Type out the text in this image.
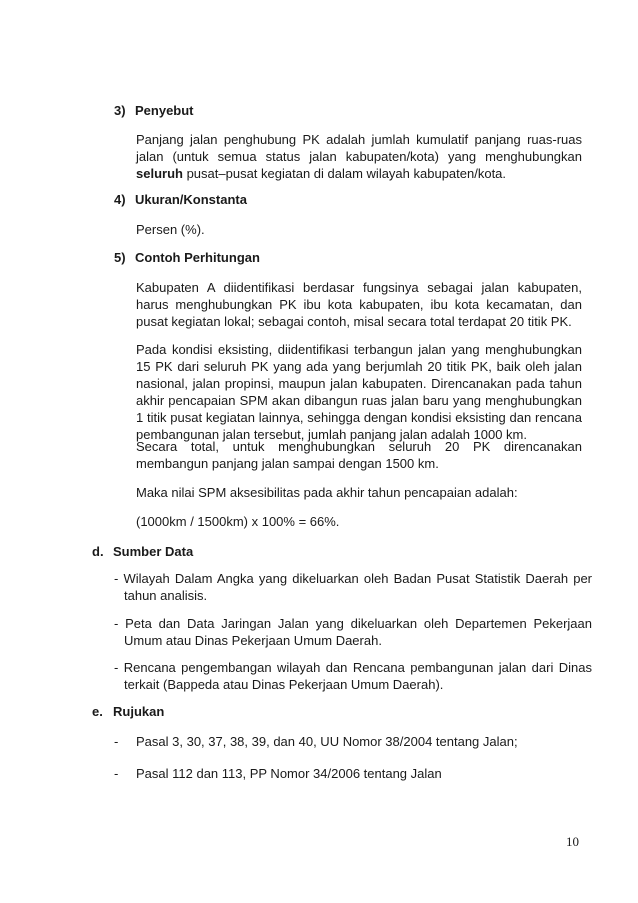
3) Penyebut
Panjang jalan penghubung PK adalah jumlah kumulatif panjang ruas-ruas jalan (untuk semua status jalan kabupaten/kota) yang menghubungkan seluruh pusat–pusat kegiatan di dalam wilayah kabupaten/kota.
4) Ukuran/Konstanta
Persen (%).
5) Contoh Perhitungan
Kabupaten A diidentifikasi berdasar fungsinya sebagai jalan kabupaten, harus menghubungkan PK ibu kota kabupaten, ibu kota kecamatan, dan pusat kegiatan lokal; sebagai contoh, misal secara total terdapat 20 titik PK.
Pada kondisi eksisting, diidentifikasi terbangun jalan yang menghubungkan 15 PK dari seluruh PK yang ada yang berjumlah 20 titik PK, baik oleh jalan nasional, jalan propinsi, maupun jalan kabupaten. Direncanakan pada tahun akhir pencapaian SPM akan dibangun ruas jalan baru yang menghubungkan 1 titik pusat kegiatan lainnya, sehingga dengan kondisi eksisting dan rencana pembangunan jalan tersebut, jumlah panjang jalan adalah 1000 km.
Secara total, untuk menghubungkan seluruh 20 PK direncanakan membangun panjang jalan sampai dengan 1500 km.
Maka nilai SPM aksesibilitas pada akhir tahun pencapaian adalah:
(1000km / 1500km) x 100% = 66%.
d. Sumber Data
- Wilayah Dalam Angka yang dikeluarkan oleh Badan Pusat Statistik Daerah per tahun analisis.
- Peta dan Data Jaringan Jalan yang dikeluarkan oleh Departemen Pekerjaan Umum atau Dinas Pekerjaan Umum Daerah.
- Rencana pengembangan wilayah dan Rencana pembangunan jalan dari Dinas terkait (Bappeda atau Dinas Pekerjaan Umum Daerah).
e. Rujukan
- Pasal 3, 30, 37, 38, 39, dan 40, UU Nomor 38/2004 tentang Jalan;
- Pasal 112 dan 113, PP Nomor 34/2006 tentang Jalan
10
